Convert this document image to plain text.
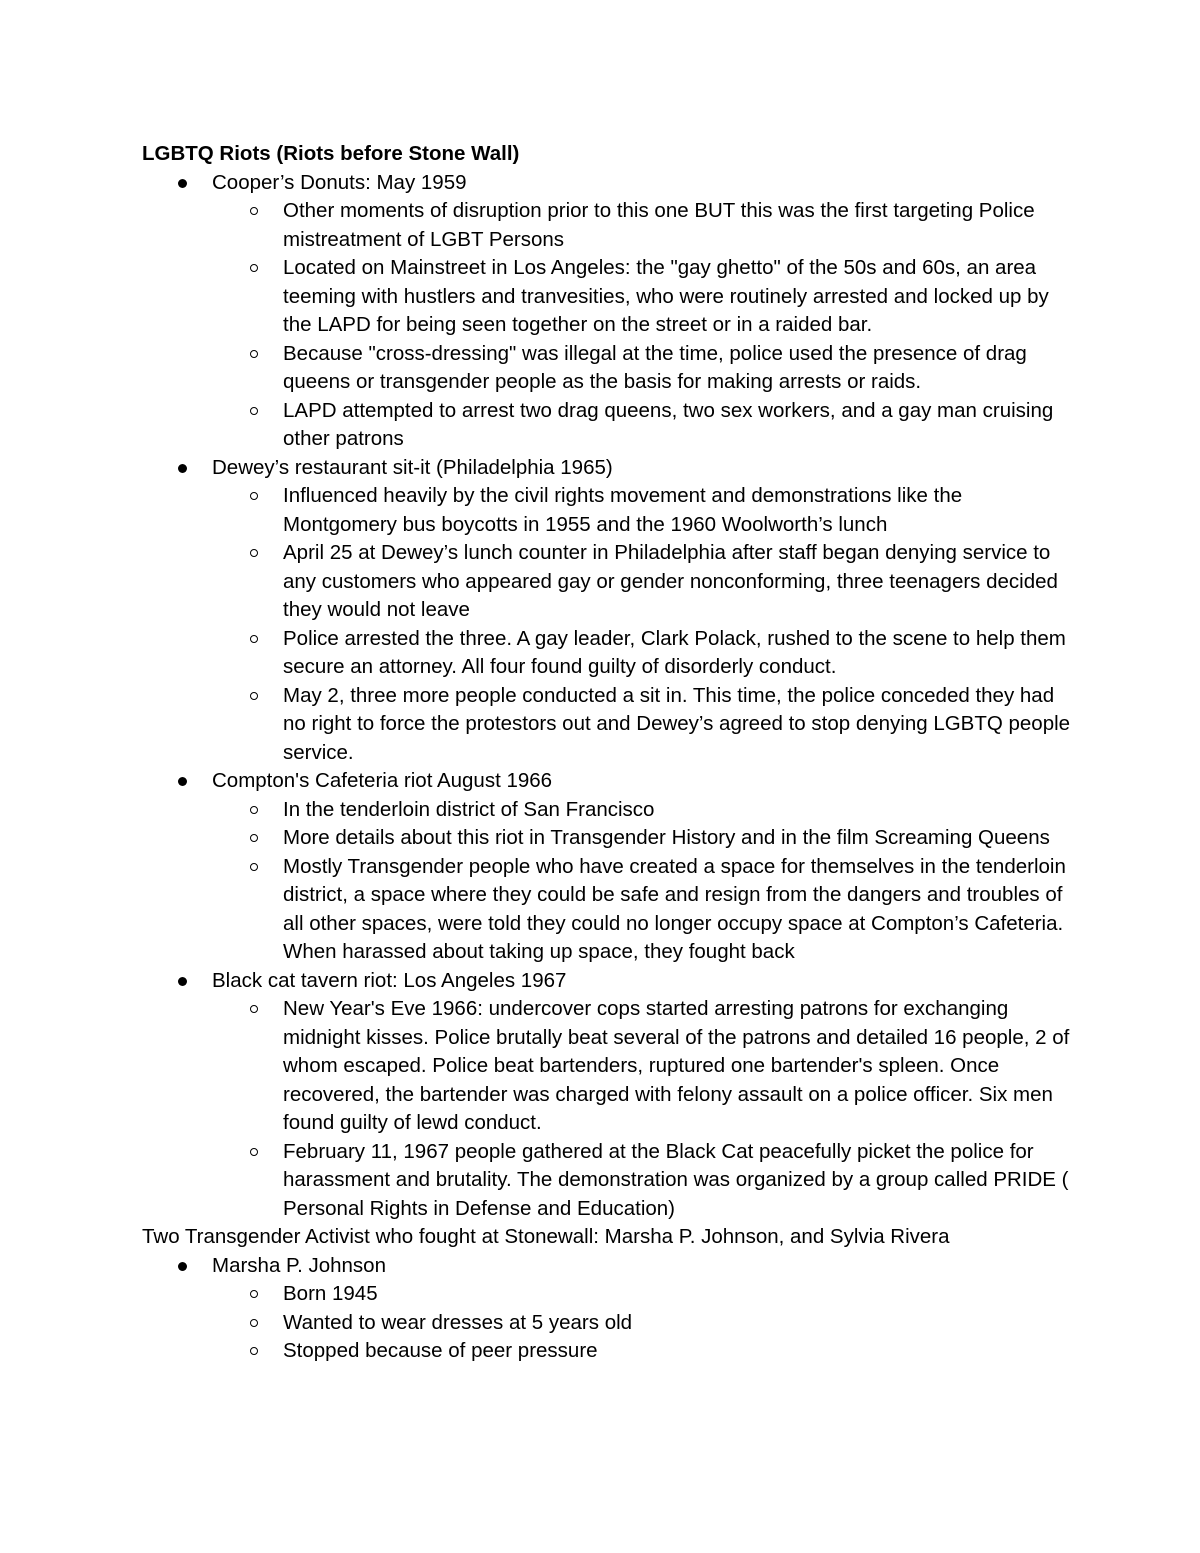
LGBTQ Riots (Riots before Stone Wall)

Cooper’s Donuts: May 1959
Other moments of disruption prior to this one BUT this was the first targeting Police mistreatment of LGBT Persons
Located on Mainstreet in Los Angeles: the "gay ghetto" of the 50s and 60s, an area teeming with hustlers and tranvesities, who were routinely arrested and locked up by the LAPD for being seen together on the street or in a raided bar.
Because "cross-dressing" was illegal at the time, police used the presence of drag queens or transgender people as the basis for making arrests or raids.
LAPD attempted to arrest two drag queens, two sex workers, and a gay man cruising other patrons
Dewey’s restaurant sit-it (Philadelphia 1965)
Influenced heavily by the civil rights movement and demonstrations like the Montgomery bus boycotts in 1955 and the 1960 Woolworth’s lunch
April 25 at Dewey’s lunch counter in Philadelphia after staff began denying service to any customers who appeared gay or gender nonconforming, three teenagers decided they would not leave
Police arrested the three. A gay leader, Clark Polack, rushed to the scene to help them secure an attorney. All four found guilty of disorderly conduct.
May 2, three more people conducted a sit in. This time, the police conceded they had no right to force the protestors out and Dewey’s agreed to stop denying LGBTQ people service.
Compton's Cafeteria riot August 1966
In the tenderloin district of San Francisco
More details about this riot in Transgender History and in the film Screaming Queens
Mostly Transgender people who have created a space for themselves in the tenderloin district, a space where they could be safe and resign from the dangers and troubles of all other spaces, were told they could no longer occupy space at Compton’s Cafeteria. When harassed about taking up space, they fought back
Black cat tavern riot: Los Angeles 1967
New Year's Eve 1966: undercover cops started arresting patrons for exchanging midnight kisses. Police brutally beat several of the patrons and detailed 16 people, 2 of whom escaped. Police beat bartenders, ruptured one bartender's spleen. Once recovered, the bartender was charged with felony assault on a police officer. Six men found guilty of lewd conduct.
February 11, 1967 people gathered at the Black Cat peacefully picket the police for harassment and brutality. The demonstration was organized by a group called PRIDE ( Personal Rights in Defense and Education)

Two Transgender Activist who fought at Stonewall: Marsha P. Johnson, and Sylvia Rivera

Marsha P. Johnson
Born 1945
Wanted to wear dresses at 5 years old
Stopped because of peer pressure
